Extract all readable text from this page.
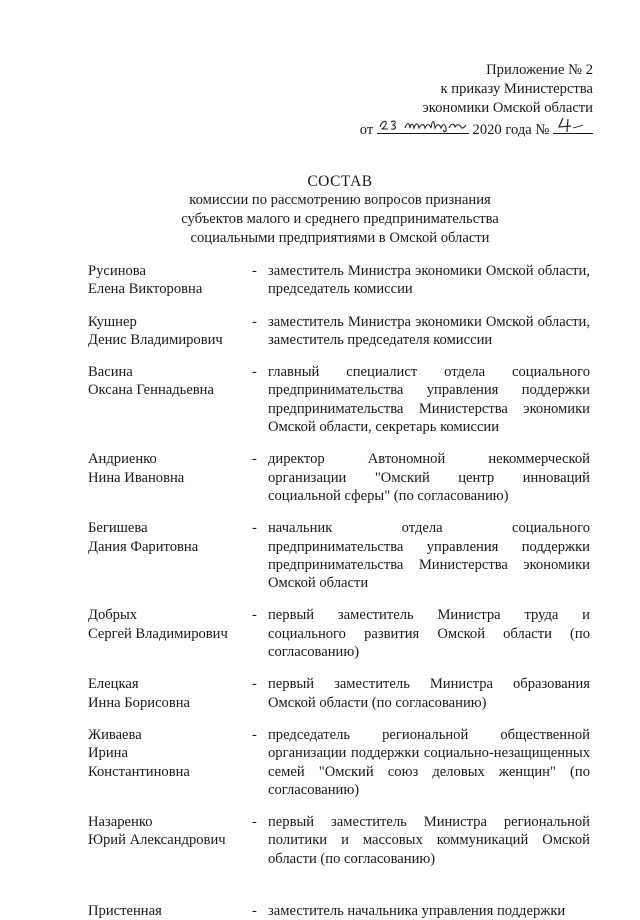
Приложение № 2
к приказу Министерства
экономики Омской области
от	2020 года №
СОСТАВ
комиссии по рассмотрению вопросов признания
субъектов малого и среднего предпринимательства
социальными предприятиями в Омской области
Русинова
Елена Викторовна
- заместитель Министра экономики Омской области, председатель комиссии
Кушнер
Денис Владимирович
- заместитель Министра экономики Омской области, заместитель председателя комиссии
Васина
Оксана Геннадьевна
- главный специалист отдела социального предпринимательства управления поддержки предпринимательства Министерства экономики Омской области, секретарь комиссии
Андриенко
Нина Ивановна
- директор Автономной некоммерческой организации "Омский центр инноваций социальной сферы" (по согласованию)
Бегишева
Дания Фаритовна
- начальник отдела социального предпринимательства управления поддержки предпринимательства Министерства экономики Омской области
Добрых
Сергей Владимирович
- первый заместитель Министра труда и социального развития Омской области (по согласованию)
Елецкая
Инна Борисовна
- первый заместитель Министра образования Омской области (по согласованию)
Живаева
Ирина
Константиновна
- председатель региональной общественной организации поддержки социально-незащищенных семей "Омский союз деловых женщин" (по согласованию)
Назаренко
Юрий Александрович
- первый заместитель Министра региональной политики и массовых коммуникаций Омской области (по согласованию)
Пристенная	- заместитель начальника управления поддержки
